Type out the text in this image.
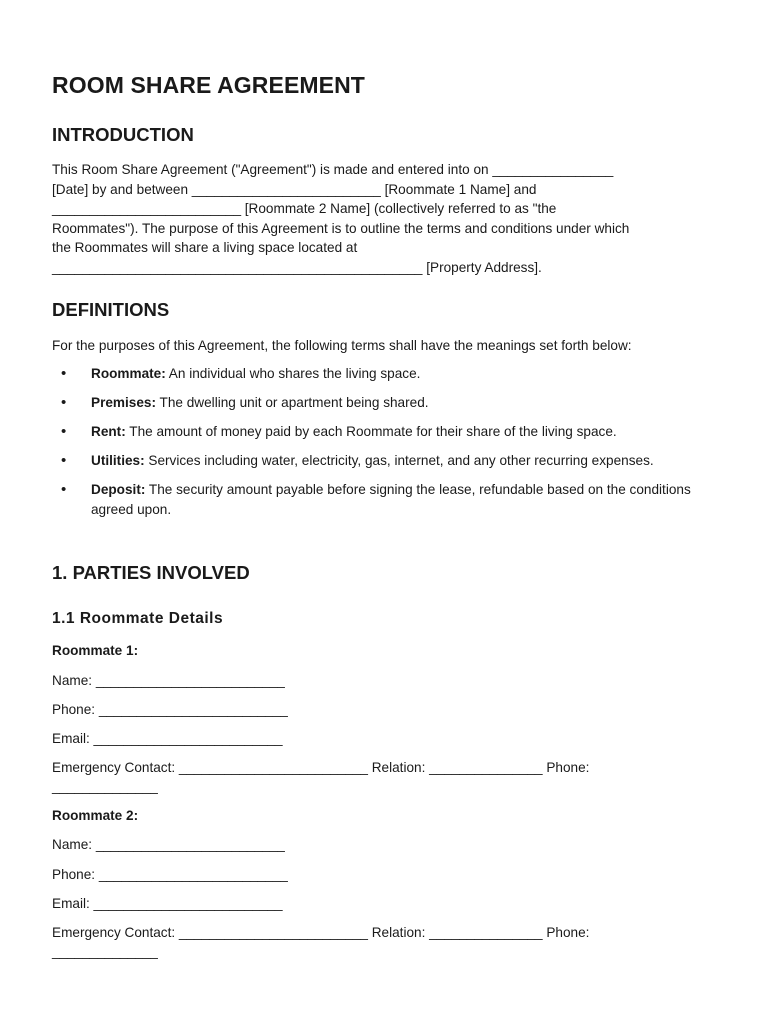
ROOM SHARE AGREEMENT
INTRODUCTION

This Room Share Agreement ("Agreement") is made and entered into on ________________

[Date] by and between _________________________ [Roommate 1 Name] and

_________________________ [Roommate 2 Name] (collectively referred to as "the

Roommates"). The purpose of this Agreement is to outline the terms and conditions under which

the Roommates will share a living space located at

_________________________________________________ [Property Address].

DEFINITIONS

For the purposes of this Agreement, the following terms shall have the meanings set forth below:

• Roommate: An individual who shares the living space.
• Premises: The dwelling unit or apartment being shared.
• Rent: The amount of money paid by each Roommate for their share of the living space.
• Utilities: Services including water, electricity, gas, internet, and any other recurring expenses.
• Deposit: The security amount payable before signing the lease, refundable based on the conditions agreed upon.
1. PARTIES INVOLVED
1.1 Roommate Details

Roommate 1:

Name: _________________________

Phone: _________________________

Email: _________________________

Emergency Contact: _________________________ Relation: _______________ Phone:

______________

Roommate 2:

Name: _________________________

Phone: _________________________

Email: _________________________

Emergency Contact: _________________________ Relation: _______________ Phone:

______________
